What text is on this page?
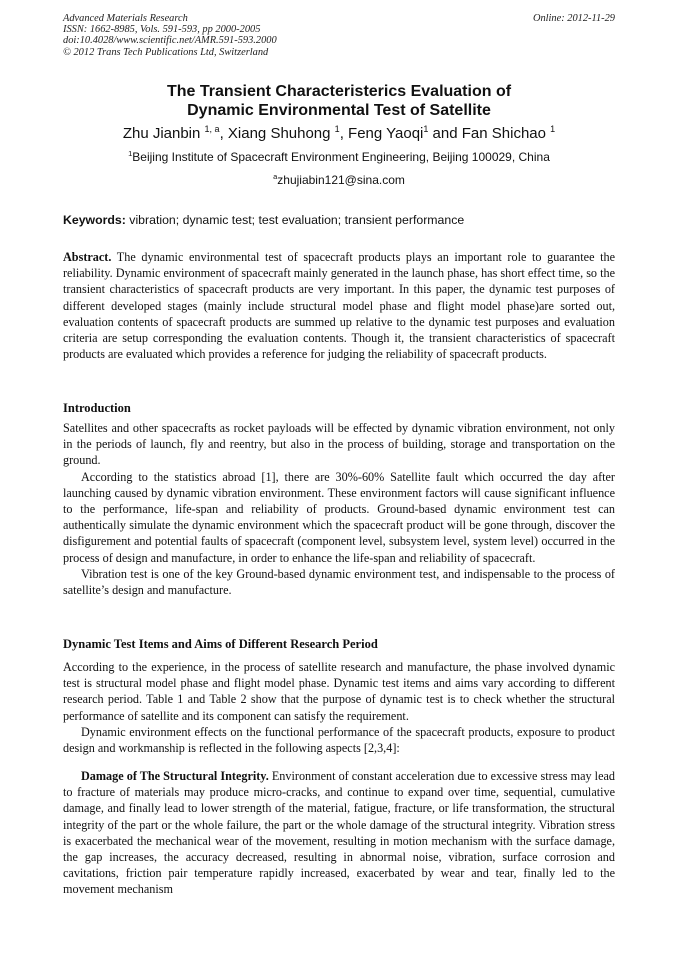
Advanced Materials Research
ISSN: 1662-8985, Vols. 591-593, pp 2000-2005
doi:10.4028/www.scientific.net/AMR.591-593.2000
© 2012 Trans Tech Publications Ltd, Switzerland
Online: 2012-11-29
The Transient Characteristerics Evaluation of
Dynamic Environmental Test of Satellite
Zhu Jianbin $^{1, a}$, Xiang Shuhong $^1$, Feng Yaoqi$^1$ and Fan Shichao $^1$
$^1$Beijing Institute of Spacecraft Environment Engineering, Beijing 100029, China
$^a$zhujiabin121@sina.com
Keywords: vibration; dynamic test; test evaluation; transient performance

Abstract. The dynamic environmental test of spacecraft products plays an important role to guarantee the reliability. Dynamic environment of spacecraft mainly generated in the launch phase, has short effect time, so the transient characteristics of spacecraft products are very important. In this paper, the dynamic test purposes of different developed stages (mainly include structural model phase and flight model phase)are sorted out, evaluation contents of spacecraft products are summed up relative to the dynamic test purposes and evaluation criteria are setup corresponding the evaluation contents. Though it, the transient characteristics of spacecraft products are evaluated which provides a reference for judging the reliability of spacecraft products.

Introduction

Satellites and other spacecrafts as rocket payloads will be effected by dynamic vibration environment, not only in the periods of launch, fly and reentry, but also in the process of building, storage and transportation on the ground.

According to the statistics abroad [1], there are 30%-60% Satellite fault which occurred the day after launching caused by dynamic vibration environment. These environment factors will cause significant influence to the performance, life-span and reliability of products. Ground-based dynamic environment test can authentically simulate the dynamic environment which the spacecraft product will be gone through, discover the disfigurement and potential faults of spacecraft (component level, subsystem level, system level) occurred in the process of design and manufacture, in order to enhance the life-span and reliability of spacecraft.

Vibration test is one of the key Ground-based dynamic environment test, and indispensable to the process of satellite’s design and manufacture.

Dynamic Test Items and Aims of Different Research Period

According to the experience, in the process of satellite research and manufacture, the phase involved dynamic test is structural model phase and flight model phase. Dynamic test items and aims vary according to different research period. Table 1 and Table 2 show that the purpose of dynamic test is to check whether the structural performance of satellite and its component can satisfy the requirement.

Dynamic environment effects on the functional performance of the spacecraft products, exposure to product design and workmanship is reflected in the following aspects [2,3,4]:

Damage of The Structural Integrity. Environment of constant acceleration due to excessive stress may lead to fracture of materials may produce micro-cracks, and continue to expand over time, sequential, cumulative damage, and finally lead to lower strength of the material, fatigue, fracture, or life transformation, the structural integrity of the part or the whole failure, the part or the whole damage of the structural integrity. Vibration stress is exacerbated the mechanical wear of the movement, resulting in motion mechanism with the surface damage, the gap increases, the accuracy decreased, resulting in abnormal noise, vibration, surface corrosion and cavitations, friction pair temperature rapidly increased, exacerbated by wear and tear, finally led to the movement mechanism
